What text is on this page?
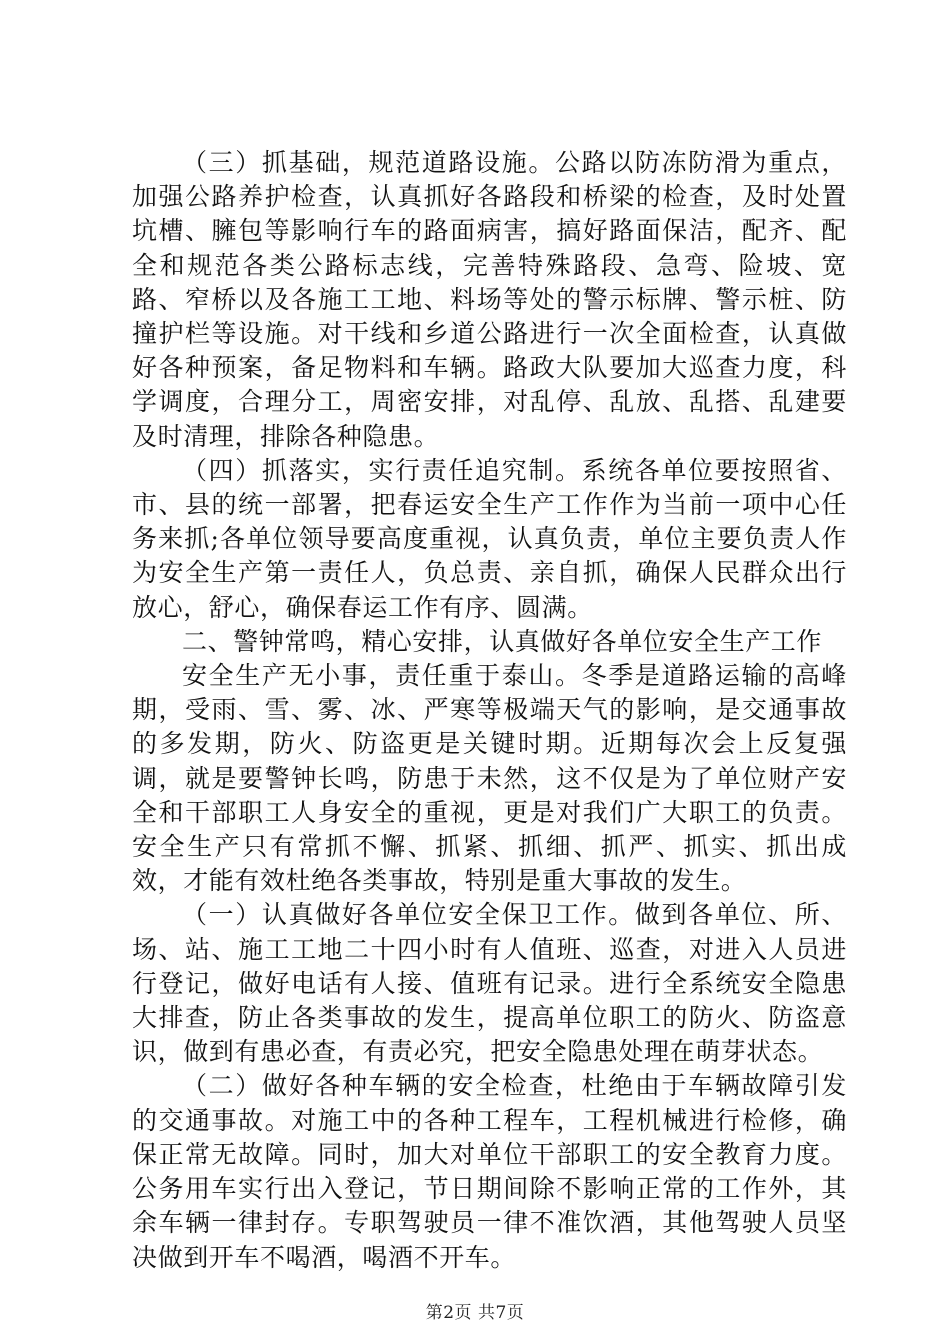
（三）抓基础，规范道路设施。公路以防冻防滑为重点，加强公路养护检查，认真抓好各路段和桥梁的检查，及时处置坑槽、臃包等影响行车的路面病害，搞好路面保洁，配齐、配全和规范各类公路标志线，完善特殊路段、急弯、险坡、宽路、窄桥以及各施工工地、料场等处的警示标牌、警示桩、防撞护栏等设施。对干线和乡道公路进行一次全面检查，认真做好各种预案，备足物料和车辆。路政大队要加大巡查力度，科学调度，合理分工，周密安排，对乱停、乱放、乱搭、乱建要及时清理，排除各种隐患。

（四）抓落实，实行责任追究制。系统各单位要按照省、市、县的统一部署，把春运安全生产工作作为当前一项中心任务来抓;各单位领导要高度重视，认真负责，单位主要负责人作为安全生产第一责任人，负总责、亲自抓，确保人民群众出行放心，舒心，确保春运工作有序、圆满。

二、警钟常鸣，精心安排，认真做好各单位安全生产工作

安全生产无小事，责任重于泰山。冬季是道路运输的高峰期，受雨、雪、雾、冰、严寒等极端天气的影响，是交通事故的多发期，防火、防盗更是关键时期。近期每次会上反复强调，就是要警钟长鸣，防患于未然，这不仅是为了单位财产安全和干部职工人身安全的重视，更是对我们广大职工的负责。安全生产只有常抓不懈、抓紧、抓细、抓严、抓实、抓出成效，才能有效杜绝各类事故，特别是重大事故的发生。

（一）认真做好各单位安全保卫工作。做到各单位、所、场、站、施工工地二十四小时有人值班、巡查，对进入人员进行登记，做好电话有人接、值班有记录。进行全系统安全隐患大排查，防止各类事故的发生，提高单位职工的防火、防盗意识，做到有患必查，有责必究，把安全隐患处理在萌芽状态。

（二）做好各种车辆的安全检查，杜绝由于车辆故障引发的交通事故。对施工中的各种工程车，工程机械进行检修，确保正常无故障。同时，加大对单位干部职工的安全教育力度。公务用车实行出入登记，节日期间除不影响正常的工作外，其余车辆一律封存。专职驾驶员一律不准饮酒，其他驾驶人员坚决做到开车不喝酒，喝酒不开车。

第2页 共7页
